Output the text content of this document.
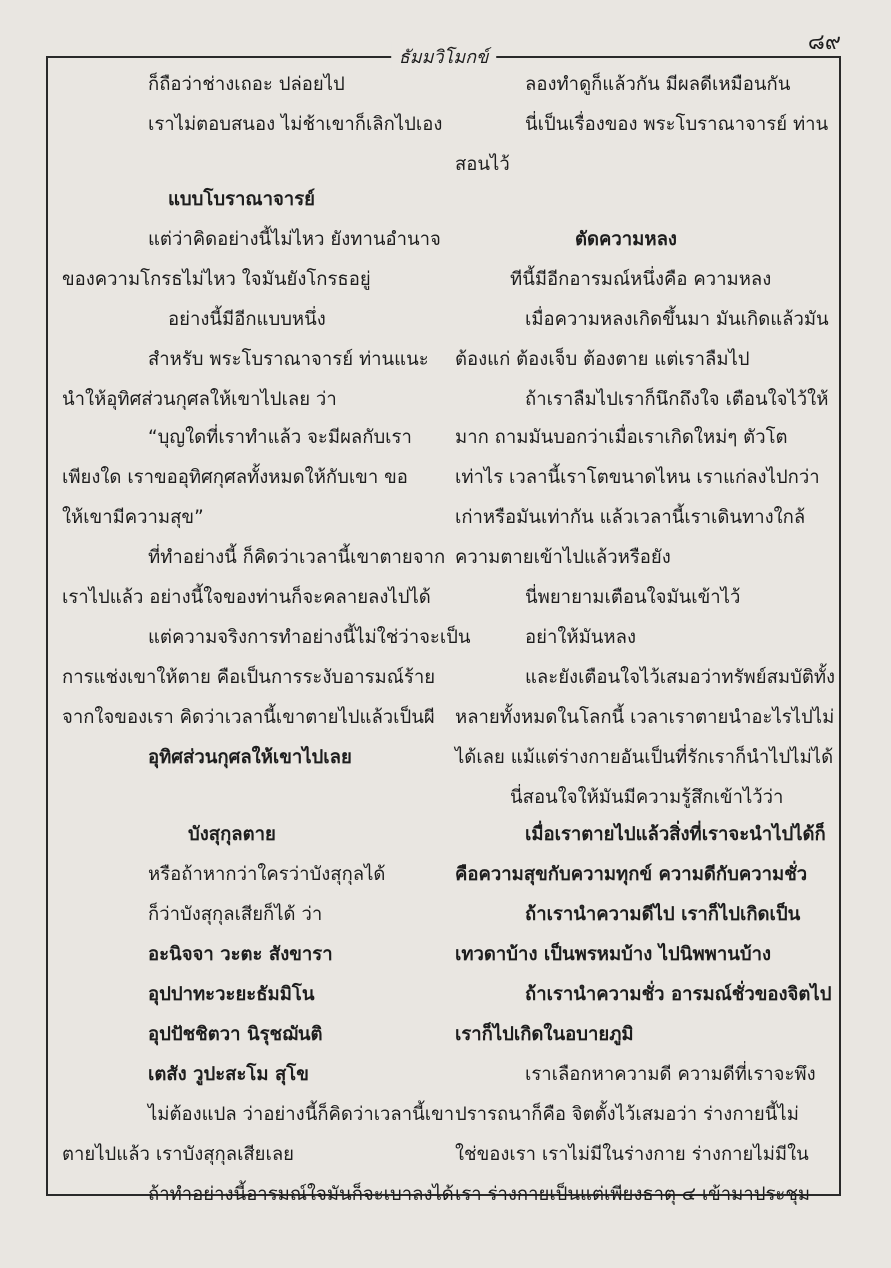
๘๙
ธัมมวิโมกข์
ก็ถือว่าช่างเถอะ ปล่อยไป
เราไม่ตอบสนอง ไม่ช้าเขาก็เลิกไปเอง
แบบโบราณาจารย์
แต่ว่าคิดอย่างนี้ไม่ไหว ยังทานอำนาจ
ของความโกรธไม่ไหว ใจมันยังโกรธอยู่
อย่างนี้มีอีกแบบหนึ่ง
สำหรับ พระโบราณาจารย์ ท่านแนะ
นำให้อุทิศส่วนกุศลให้เขาไปเลย ว่า
“บุญใดที่เราทำแล้ว จะมีผลกับเรา
เพียงใด เราขออุทิศกุศลทั้งหมดให้กับเขา ขอ
ให้เขามีความสุข”
ที่ทำอย่างนี้ ก็คิดว่าเวลานี้เขาตายจาก
เราไปแล้ว อย่างนี้ใจของท่านก็จะคลายลงไปได้
แต่ความจริงการทำอย่างนี้ไม่ใช่ว่าจะเป็น
การแช่งเขาให้ตาย คือเป็นการระงับอารมณ์ร้าย
จากใจของเรา คิดว่าเวลานี้เขาตายไปแล้วเป็นผี
อุทิศส่วนกุศลให้เขาไปเลย
บังสุกุลตาย
หรือถ้าหากว่าใครว่าบังสุกุลได้
ก็ว่าบังสุกุลเสียก็ได้ ว่า
อะนิจจา วะตะ สังขารา
อุปปาทะวะยะธัมมิโน
อุปปัชชิตวา นิรุชฌันติ
เตสัง วูปะสะโม สุโข
ไม่ต้องแปล ว่าอย่างนี้ก็คิดว่าเวลานี้เขา
ตายไปแล้ว เราบังสุกุลเสียเลย
ถ้าทำอย่างนี้อารมณ์ใจมันก็จะเบาลงได้
ลองทำดูก็แล้วกัน มีผลดีเหมือนกัน
นี่เป็นเรื่องของ พระโบราณาจารย์ ท่าน
สอนไว้
ตัดความหลง
ทีนี้มีอีกอารมณ์หนึ่งคือ ความหลง
เมื่อความหลงเกิดขึ้นมา มันเกิดแล้วมัน
ต้องแก่ ต้องเจ็บ ต้องตาย แต่เราลืมไป
ถ้าเราลืมไปเราก็นึกถึงใจ เตือนใจไว้ให้
มาก ถามมันบอกว่าเมื่อเราเกิดใหม่ๆ ตัวโต
เท่าไร เวลานี้เราโตขนาดไหน เราแก่ลงไปกว่า
เก่าหรือมันเท่ากัน แล้วเวลานี้เราเดินทางใกล้
ความตายเข้าไปแล้วหรือยัง
นี่พยายามเตือนใจมันเข้าไว้
อย่าให้มันหลง
และยังเตือนใจไว้เสมอว่าทรัพย์สมบัติทั้ง
หลายทั้งหมดในโลกนี้ เวลาเราตายนำอะไรไปไม่
ได้เลย แม้แต่ร่างกายอันเป็นที่รักเราก็นำไปไม่ได้
นี่สอนใจให้มันมีความรู้สึกเข้าไว้ว่า
เมื่อเราตายไปแล้วสิ่งที่เราจะนำไปได้ก็
คือความสุขกับความทุกข์ ความดีกับความชั่ว
ถ้าเรานำความดีไป เราก็ไปเกิดเป็น
เทวดาบ้าง เป็นพรหมบ้าง ไปนิพพานบ้าง
ถ้าเรานำความชั่ว อารมณ์ชั่วของจิตไป
เราก็ไปเกิดในอบายภูมิ
เราเลือกหาความดี ความดีที่เราจะพึง
ปรารถนาก็คือ จิตตั้งไว้เสมอว่า ร่างกายนี้ไม่
ใช่ของเรา เราไม่มีในร่างกาย ร่างกายไม่มีใน
เรา ร่างกายเป็นแต่เพียงธาตุ ๔ เข้ามาประชุม
